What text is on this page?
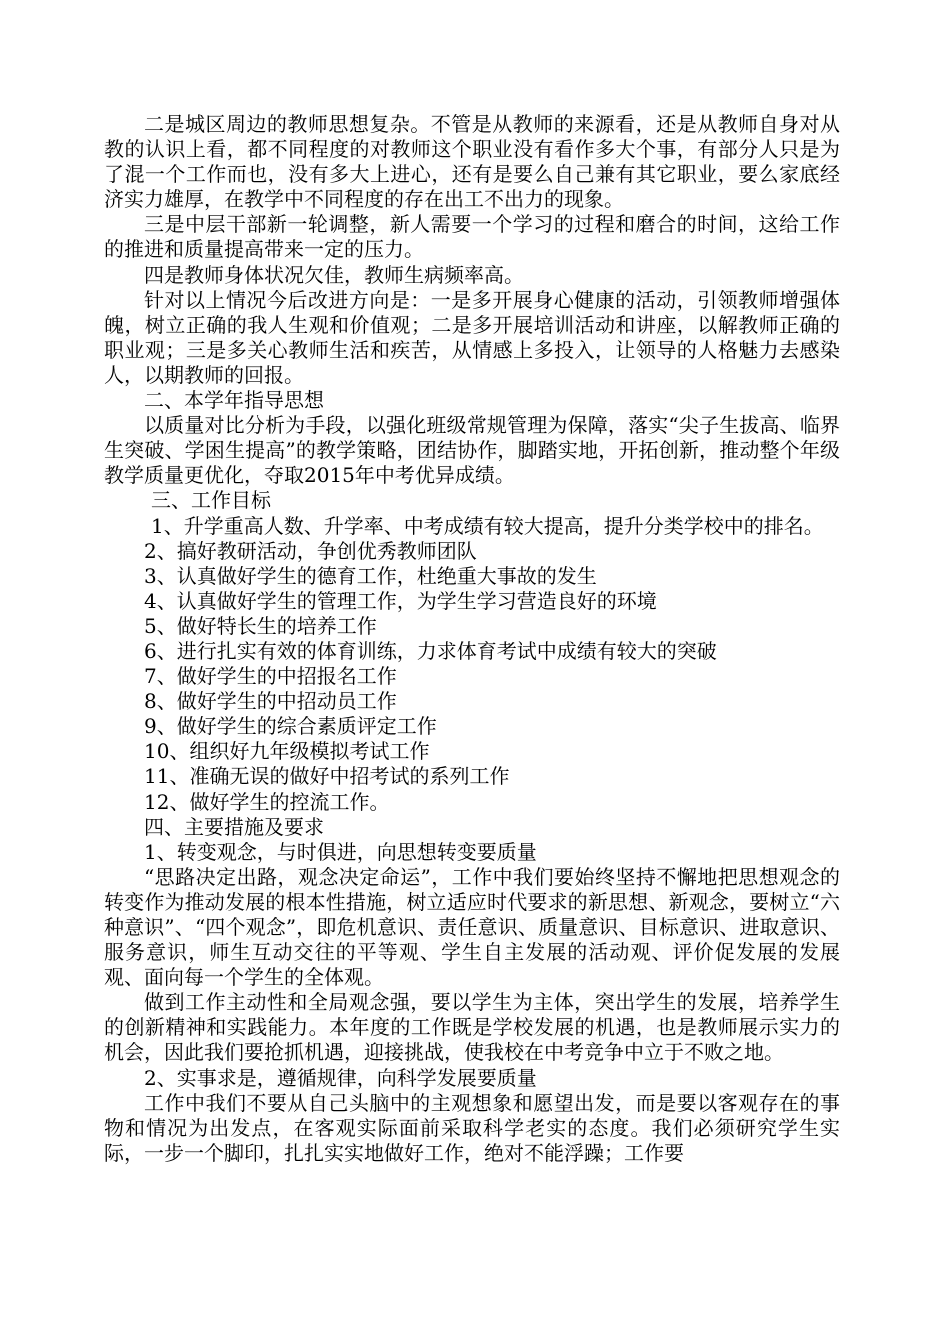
二是城区周边的教师思想复杂。不管是从教师的来源看，还是从教师自身对从教的认识上看，都不同程度的对教师这个职业没有看作多大个事，有部分人只是为了混一个工作而也，没有多大上进心，还有是要么自己兼有其它职业，要么家底经济实力雄厚，在教学中不同程度的存在出工不出力的现象。

三是中层干部新一轮调整，新人需要一个学习的过程和磨合的时间，这给工作的推进和质量提高带来一定的压力。

四是教师身体状况欠佳，教师生病频率高。

针对以上情况今后改进方向是：一是多开展身心健康的活动，引领教师增强体魄，树立正确的我人生观和价值观；二是多开展培训活动和讲座，以解教师正确的职业观；三是多关心教师生活和疾苦，从情感上多投入，让领导的人格魅力去感染人，以期教师的回报。

二、本学年指导思想

以质量对比分析为手段，以强化班级常规管理为保障，落实“尖子生拔高、临界生突破、学困生提高”的教学策略，团结协作，脚踏实地，开拓创新，推动整个年级教学质量更优化，夺取2015年中考优异成绩。

三、工作目标

1、升学重高人数、升学率、中考成绩有较大提高，提升分类学校中的排名。

2、搞好教研活动，争创优秀教师团队

3、认真做好学生的德育工作，杜绝重大事故的发生

4、认真做好学生的管理工作，为学生学习营造良好的环境

5、做好特长生的培养工作

6、进行扎实有效的体育训练，力求体育考试中成绩有较大的突破

7、做好学生的中招报名工作

8、做好学生的中招动员工作

9、做好学生的综合素质评定工作

10、组织好九年级模拟考试工作

11、准确无误的做好中招考试的系列工作

12、做好学生的控流工作。

四、主要措施及要求

1、转变观念，与时俱进，向思想转变要质量

“思路决定出路，观念决定命运”，工作中我们要始终坚持不懈地把思想观念的转变作为推动发展的根本性措施，树立适应时代要求的新思想、新观念，要树立“六种意识”、“四个观念”，即危机意识、责任意识、质量意识、目标意识、进取意识、服务意识，师生互动交往的平等观、学生自主发展的活动观、评价促发展的发展观、面向每一个学生的全体观。

做到工作主动性和全局观念强，要以学生为主体，突出学生的发展，培养学生的创新精神和实践能力。本年度的工作既是学校发展的机遇，也是教师展示实力的机会，因此我们要抢抓机遇，迎接挑战，使我校在中考竞争中立于不败之地。

2、实事求是，遵循规律，向科学发展要质量

工作中我们不要从自己头脑中的主观想象和愿望出发，而是要以客观存在的事物和情况为出发点，在客观实际面前采取科学老实的态度。我们必须研究学生实际，一步一个脚印，扎扎实实地做好工作，绝对不能浮躁；工作要
